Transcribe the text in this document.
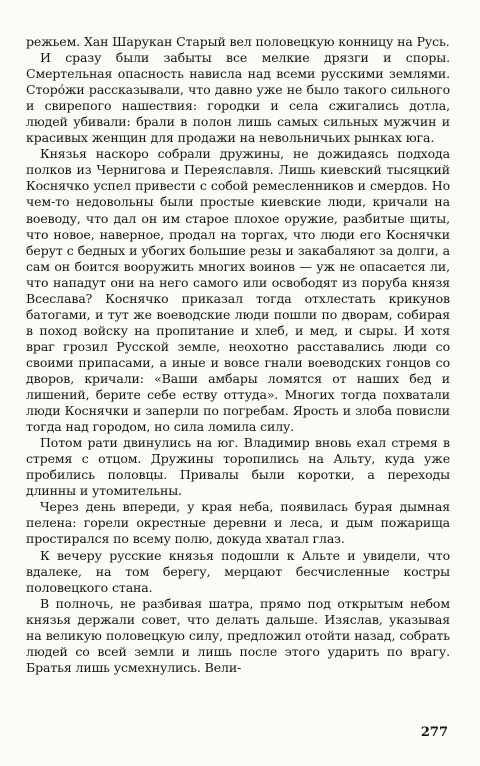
режьем. Хан Шарукан Старый вел половецкую конницу на Русь.

И сразу были забыты все мелкие дрязги и споры. Смертельная опасность нависла над всеми русскими землями. Сторо́жи рассказывали, что давно уже не было такого сильного и свирепого нашествия: городки и села сжигались дотла, людей убивали: брали в полон лишь самых сильных мужчин и красивых женщин для продажи на невольничьих рынках юга.

Князья наскоро собрали дружины, не дожидаясь подхода полков из Чернигова и Переяславля. Лишь киевский тысяцкий Коснячко успел привести с собой ремесленников и смердов. Но чем-то недовольны были простые киевские люди, кричали на воеводу, что дал он им старое плохое оружие, разбитые щиты, что новое, наверное, продал на торгах, что люди его Коснячки берут с бедных и убогих большие резы и закабаляют за долги, а сам он боится вооружить многих воинов — уж не опасается ли, что нападут они на него самого или освободят из поруба князя Всеслава? Коснячко приказал тогда отхлестать крикунов батогами, и тут же воеводские люди пошли по дворам, собирая в поход войску на пропитание и хлеб, и мед, и сыры. И хотя враг грозил Русской земле, неохотно расставались люди со своими припасами, а иные и вовсе гнали воеводских гонцов со дворов, кричали: «Ваши амбары ломятся от наших бед и лишений, берите себе ествy оттуда». Многих тогда похватали люди Коснячки и заперли по погребам. Ярость и злоба повисли тогда над городом, но сила ломила силу.

Потом рати двинулись на юг. Владимир вновь ехал стремя в стремя с отцом. Дружины торопились на Альту, куда уже пробились половцы. Привалы были коротки, а переходы длинны и утомительны.

Через день впереди, у края неба, появилась бурая дымная пелена: горели окрестные деревни и леса, и дым пожарища простирался по всему полю, докуда хватал глаз.

К вечеру русские князья подошли к Альте и увидели, что вдалеке, на том берегу, мерцают бесчисленные костры половецкого стана.

В полночь, не разбивая шатра, прямо под открытым небом князья держали совет, что делать дальше. Изяслав, указывая на великую половецкую силу, предложил отойти назад, собрать людей со всей земли и лишь после этого ударить по врагу. Братья лишь усмехнулись. Вели-

277
